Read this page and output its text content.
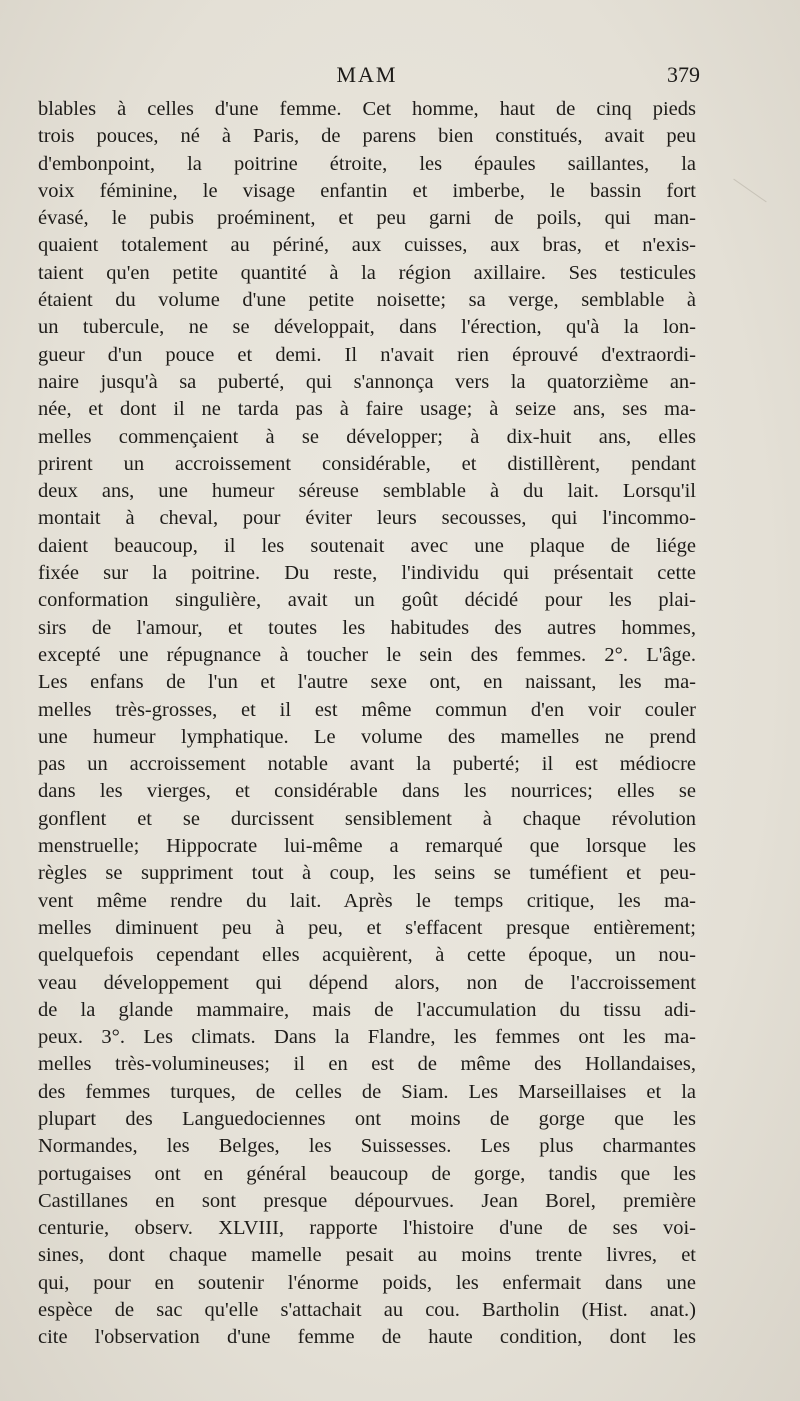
MAM	379
blables à celles d'une femme. Cet homme, haut de cinq pieds
trois pouces, né à Paris, de parens bien constitués, avait peu
d'embonpoint, la poitrine étroite, les épaules saillantes, la
voix féminine, le visage enfantin et imberbe, le bassin fort
évasé, le pubis proéminent, et peu garni de poils, qui man-
quaient totalement au périné, aux cuisses, aux bras, et n'exis-
taient qu'en petite quantité à la région axillaire. Ses testicules
étaient du volume d'une petite noisette; sa verge, semblable à
un tubercule, ne se développait, dans l'érection, qu'à la lon-
gueur d'un pouce et demi. Il n'avait rien éprouvé d'extraordi-
naire jusqu'à sa puberté, qui s'annonça vers la quatorzième an-
née, et dont il ne tarda pas à faire usage; à seize ans, ses ma-
melles commençaient à se développer; à dix-huit ans, elles
prirent un accroissement considérable, et distillèrent, pendant
deux ans, une humeur séreuse semblable à du lait. Lorsqu'il
montait à cheval, pour éviter leurs secousses, qui l'incommo-
daient beaucoup, il les soutenait avec une plaque de liége
fixée sur la poitrine. Du reste, l'individu qui présentait cette
conformation singulière, avait un goût décidé pour les plai-
sirs de l'amour, et toutes les habitudes des autres hommes,
excepté une répugnance à toucher le sein des femmes. 2°. L'âge.
Les enfans de l'un et l'autre sexe ont, en naissant, les ma-
melles très-grosses, et il est même commun d'en voir couler
une humeur lymphatique. Le volume des mamelles ne prend
pas un accroissement notable avant la puberté; il est médiocre
dans les vierges, et considérable dans les nourrices; elles se
gonflent et se durcissent sensiblement à chaque révolution
menstruelle; Hippocrate lui-même a remarqué que lorsque les
règles se suppriment tout à coup, les seins se tuméfient et peu-
vent même rendre du lait. Après le temps critique, les ma-
melles diminuent peu à peu, et s'effacent presque entièrement;
quelquefois cependant elles acquièrent, à cette époque, un nou-
veau développement qui dépend alors, non de l'accroissement
de la glande mammaire, mais de l'accumulation du tissu adi-
peux. 3°. Les climats. Dans la Flandre, les femmes ont les ma-
melles très-volumineuses; il en est de même des Hollandaises,
des femmes turques, de celles de Siam. Les Marseillaises et la
plupart des Languedociennes ont moins de gorge que les
Normandes, les Belges, les Suissesses. Les plus charmantes
portugaises ont en général beaucoup de gorge, tandis que les
Castillanes en sont presque dépourvues. Jean Borel, première
centurie, observ. XLVIII, rapporte l'histoire d'une de ses voi-
sines, dont chaque mamelle pesait au moins trente livres, et
qui, pour en soutenir l'énorme poids, les enfermait dans une
espèce de sac qu'elle s'attachait au cou. Bartholin (Hist. anat.)
cite l'observation d'une femme de haute condition, dont les
